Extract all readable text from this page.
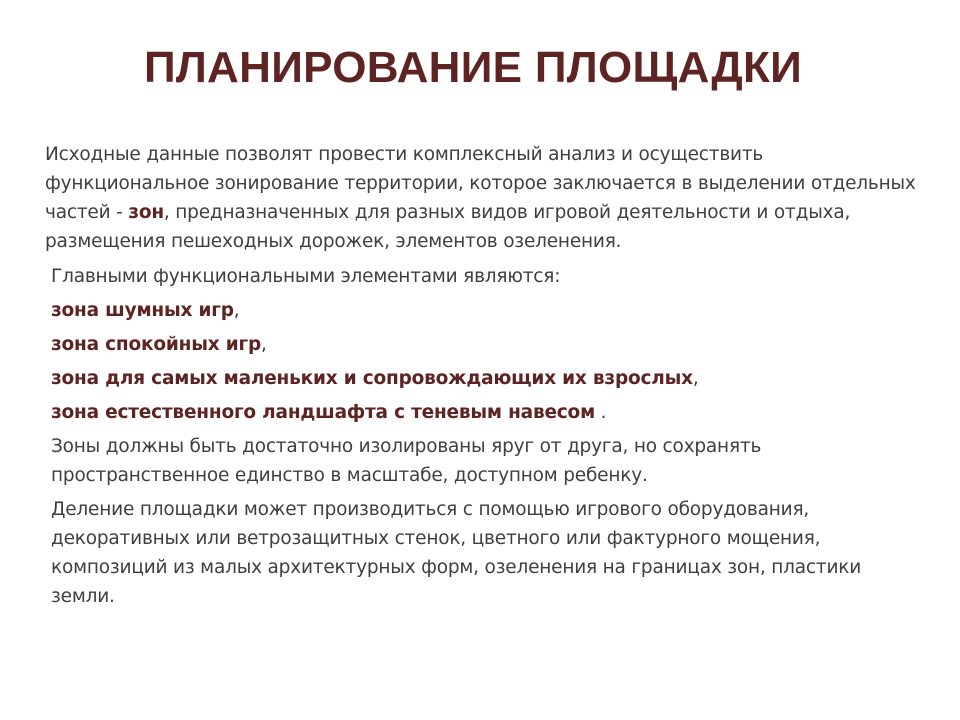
ПЛАНИРОВАНИЕ ПЛОЩАДКИ

Исходные данные позволят провести комплексный анализ и осуществить функциональное зонирование территории, которое заключается в выделении отдельных частей - зон, предназначенных для разных видов игровой деятельности и отдыха, размещения пешеходных дорожек, элементов озеленения.

Главными функциональными элементами являются:

зона шумных игр,

зона спокойных игр,

зона для самых маленьких и сопровождающих их взрослых,

зона естественного ландшафта с теневым навесом .

Зоны должны быть достаточно изолированы яруг от друга, но сохранять пространственное единство в масштабе, доступном ребенку.

Деление площадки может производиться с помощью игрового оборудования, декоративных или ветрозащитных стенок, цветного или фактурного мощения, композиций из малых архитектурных форм, озеленения на границах зон, пластики земли.
